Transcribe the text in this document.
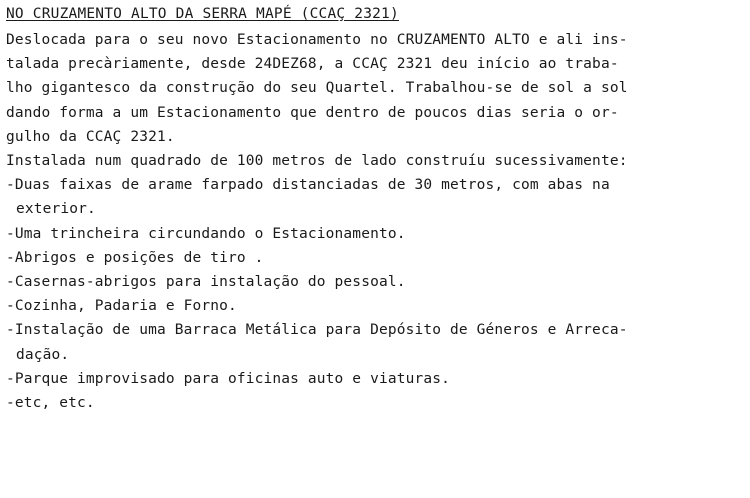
NO CRUZAMENTO ALTO DA SERRA MAPÉ (CCAÇ 2321)
Deslocada para o seu novo Estacionamento no CRUZAMENTO ALTO e ali ins-
talada precàriamente, desde 24DEZ68, a CCAÇ 2321 deu início ao traba-
lho gigantesco da construção do seu Quartel. Trabalhou-se de sol a sol
dando forma a um Estacionamento que dentro de poucos dias seria o or-
gulho da CCAÇ 2321.
Instalada num quadrado de 100 metros de lado construíu sucessivamente:
-Duas faixas de arame farpado distanciadas de 30 metros, com abas na
exterior.
-Uma trincheira circundando o Estacionamento.
-Abrigos e posições de tiro .
-Casernas-abrigos para instalação do pessoal.
-Cozinha, Padaria e Forno.
-Instalação de uma Barraca Metálica para Depósito de Géneros e Arreca-
dação.
-Parque improvisado para oficinas auto e viaturas.
-etc, etc.
